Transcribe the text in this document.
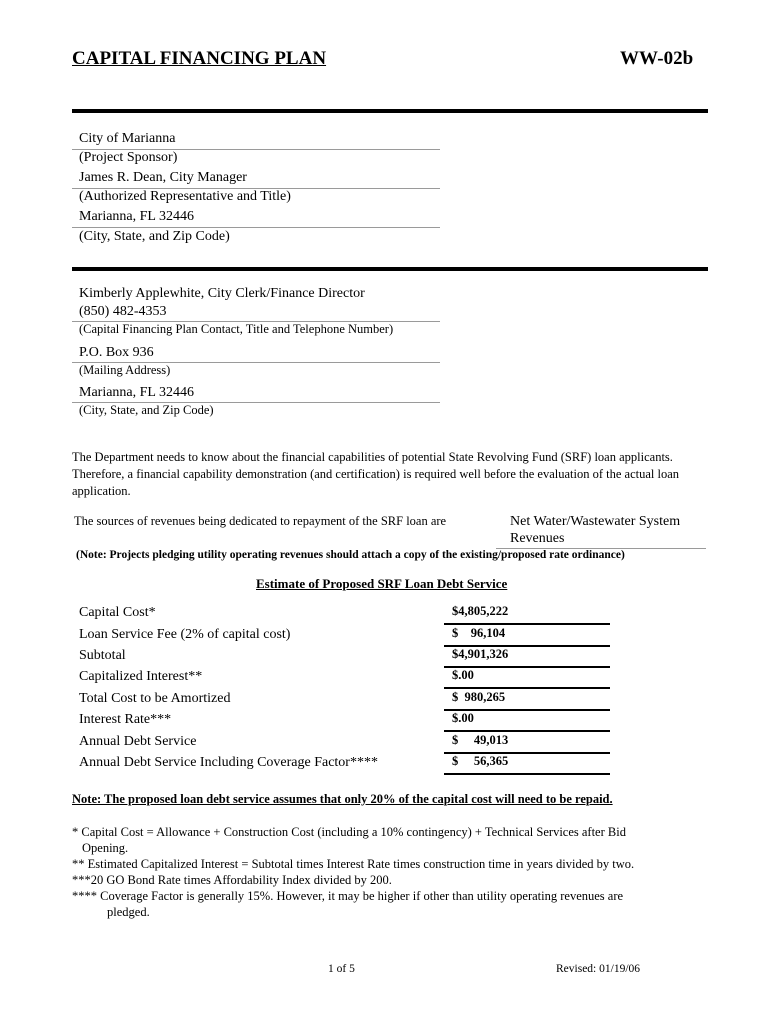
CAPITAL FINANCING PLAN	WW-02b
City of Marianna
(Project Sponsor)
James R. Dean, City Manager
(Authorized Representative and Title)
Marianna, FL 32446
(City, State, and Zip Code)
Kimberly Applewhite, City Clerk/Finance Director
(850) 482-4353
(Capital Financing Plan Contact, Title and Telephone Number)
P.O. Box 936
(Mailing Address)
Marianna, FL 32446
(City, State, and Zip Code)
The Department needs to know about the financial capabilities of potential State Revolving Fund (SRF) loan applicants. Therefore, a financial capability demonstration (and certification) is required well before the evaluation of the actual loan application.
The sources of revenues being dedicated to repayment of the SRF loan are	Net Water/Wastewater System
Revenues
(Note: Projects pledging utility operating revenues should attach a copy of the existing/proposed rate ordinance)
Estimate of Proposed SRF Loan Debt Service
Capital Cost*	$4,805,222
Loan Service Fee (2% of capital cost)	$    96,104
Subtotal	$4,901,326
Capitalized Interest**	$.00
Total Cost to be Amortized	$  980,265
Interest Rate***	$.00
Annual Debt Service	$     49,013
Annual Debt Service Including Coverage Factor****	$     56,365
Note: The proposed loan debt service assumes that only 20% of the capital cost will need to be repaid.
* Capital Cost = Allowance + Construction Cost (including a 10% contingency) + Technical Services after Bid
Opening.
** Estimated Capitalized Interest = Subtotal times Interest Rate times construction time in years divided by two.
***20 GO Bond Rate times Affordability Index divided by 200.
**** Coverage Factor is generally 15%. However, it may be higher if other than utility operating revenues are
pledged.
1 of 5	Revised: 01/19/06
